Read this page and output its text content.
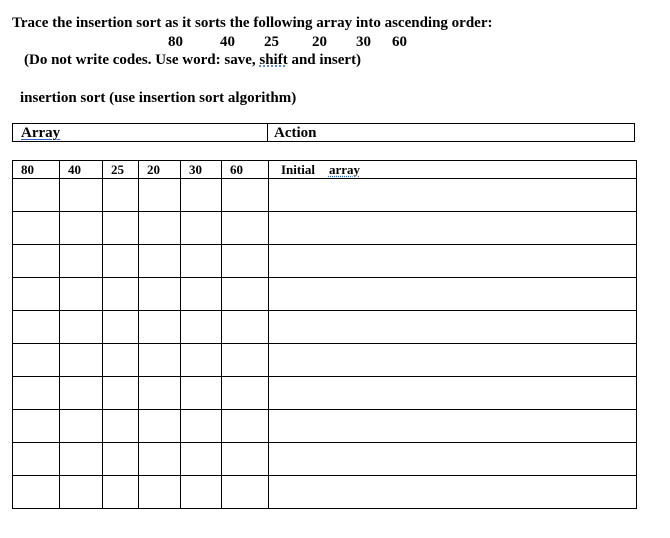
Trace the insertion sort as it sorts the following array into ascending order:

80

40

25

20

30

60

(Do not write codes. Use word: save, shift and insert)
insertion sort (use insertion sort algorithm)
Array	Action
80	40	25	20	30	60	Initial array
